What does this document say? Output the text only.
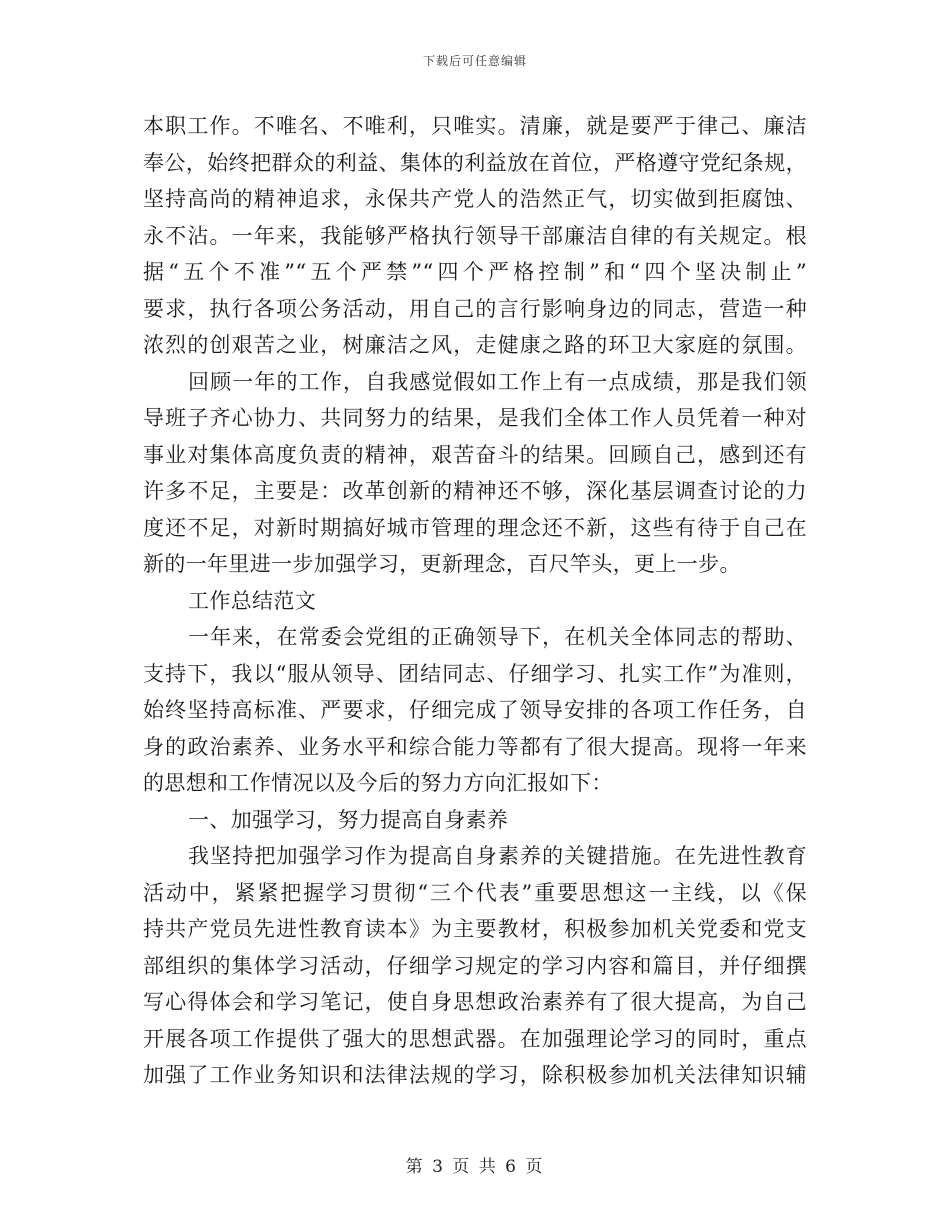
下载后可任意编辑
本职工作。不唯名、不唯利，只唯实。清廉，就是要严于律己、廉洁
奉公，始终把群众的利益、集体的利益放在首位，严格遵守党纪条规，
坚持高尚的精神追求，永保共产党人的浩然正气，切实做到拒腐蚀、
永不沾。一年来，我能够严格执行领导干部廉洁自律的有关规定。根
据“五个不准”“五个严禁”“四个严格控制”和“四个坚决制止”
要求，执行各项公务活动，用自己的言行影响身边的同志，营造一种
浓烈的创艰苦之业，树廉洁之风，走健康之路的环卫大家庭的氛围。
回顾一年的工作，自我感觉假如工作上有一点成绩，那是我们领
导班子齐心协力、共同努力的结果，是我们全体工作人员凭着一种对
事业对集体高度负责的精神，艰苦奋斗的结果。回顾自己，感到还有
许多不足，主要是：改革创新的精神还不够，深化基层调查讨论的力
度还不足，对新时期搞好城市管理的理念还不新，这些有待于自己在
新的一年里进一步加强学习，更新理念，百尺竿头，更上一步。
工作总结范文
一年来，在常委会党组的正确领导下，在机关全体同志的帮助、
支持下，我以“服从领导、团结同志、仔细学习、扎实工作”为准则，
始终坚持高标准、严要求，仔细完成了领导安排的各项工作任务，自
身的政治素养、业务水平和综合能力等都有了很大提高。现将一年来
的思想和工作情况以及今后的努力方向汇报如下：
一、加强学习，努力提高自身素养
我坚持把加强学习作为提高自身素养的关键措施。在先进性教育
活动中，紧紧把握学习贯彻“三个代表”重要思想这一主线，以《保
持共产党员先进性教育读本》为主要教材，积极参加机关党委和党支
部组织的集体学习活动，仔细学习规定的学习内容和篇目，并仔细撰
写心得体会和学习笔记，使自身思想政治素养有了很大提高，为自己
开展各项工作提供了强大的思想武器。在加强理论学习的同时，重点
加强了工作业务知识和法律法规的学习，除积极参加机关法律知识辅
第 3 页 共 6 页
